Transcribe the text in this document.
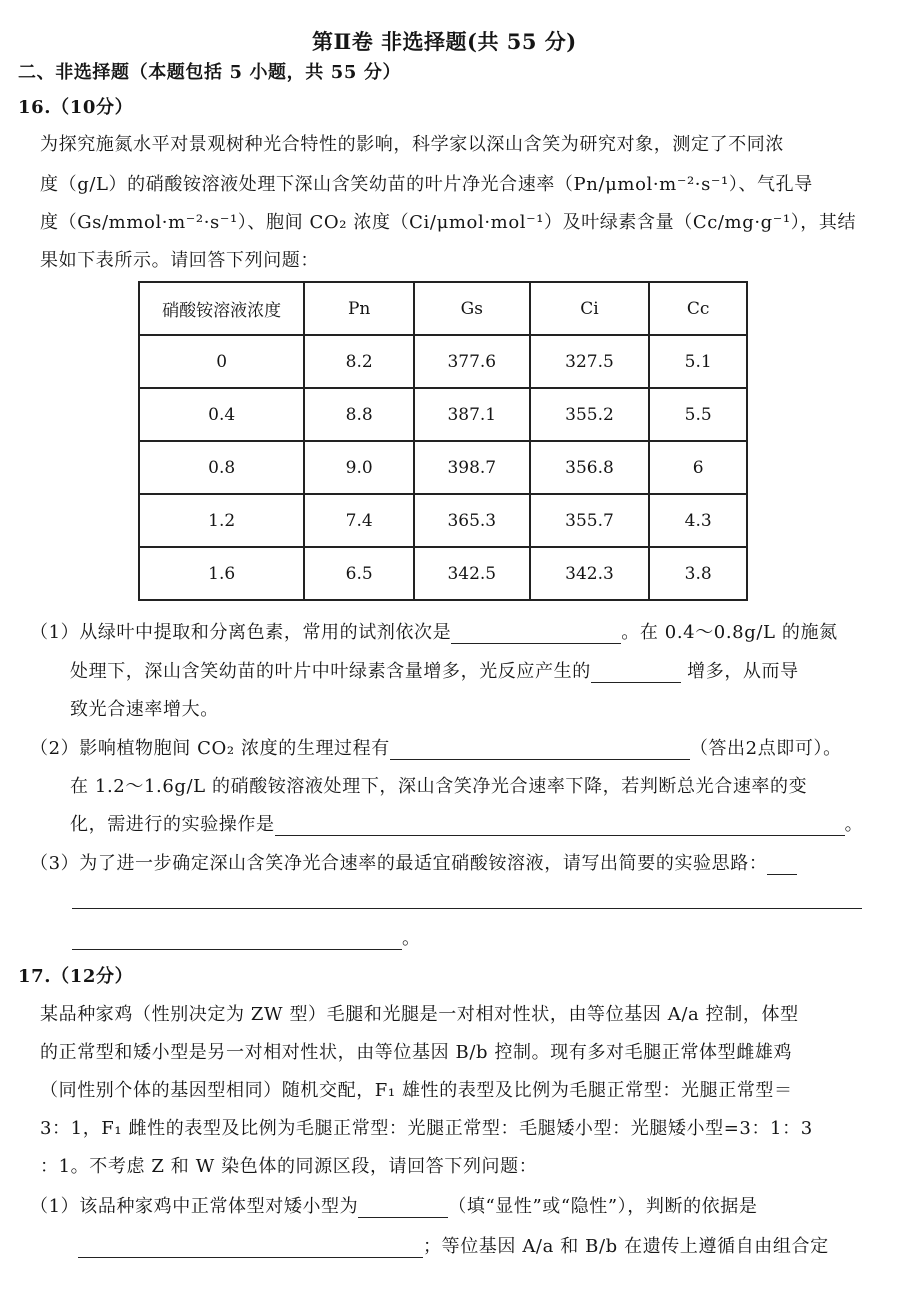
第Ⅱ卷 非选择题(共 55 分)
二、非选择题（本题包括 5 小题，共 55 分）
16.（10分）
为探究施氮水平对景观树种光合特性的影响，科学家以深山含笑为研究对象，测定了不同浓
度（g/L）的硝酸铵溶液处理下深山含笑幼苗的叶片净光合速率（Pn/μmol·m⁻²·s⁻¹）、气孔导
度（Gs/mmol·m⁻²·s⁻¹）、胞间 CO₂ 浓度（Ci/μmol·mol⁻¹）及叶绿素含量（Cc/mg·g⁻¹），其结
果如下表所示。请回答下列问题：
硝酸铵溶液浓度	Pn	Gs	Ci	Cc
0	8.2	377.6	327.5	5.1
0.4	8.8	387.1	355.2	5.5
0.8	9.0	398.7	356.8	6
1.2	7.4	365.3	355.7	4.3
1.6	6.5	342.5	342.3	3.8
（1）从绿叶中提取和分离色素，常用的试剂依次是	。在 0.4～0.8g/L 的施氮
处理下，深山含笑幼苗的叶片中叶绿素含量增多，光反应产生的	增多，从而导
致光合速率增大。
（2）影响植物胞间 CO₂ 浓度的生理过程有	（答出2点即可）。
在 1.2～1.6g/L 的硝酸铵溶液处理下，深山含笑净光合速率下降，若判断总光合速率的变
化，需进行的实验操作是	。
（3）为了进一步确定深山含笑净光合速率的最适宜硝酸铵溶液，请写出简要的实验思路：
。
17.（12分）
某品种家鸡（性别决定为 ZW 型）毛腿和光腿是一对相对性状，由等位基因 A/a 控制，体型
的正常型和矮小型是另一对相对性状，由等位基因 B/b 控制。现有多对毛腿正常体型雌雄鸡
（同性别个体的基因型相同）随机交配，F₁ 雄性的表型及比例为毛腿正常型：光腿正常型＝
3：1，F₁ 雌性的表型及比例为毛腿正常型：光腿正常型：毛腿矮小型：光腿矮小型=3：1：3
：1。不考虑 Z 和 W 染色体的同源区段，请回答下列问题：
（1）该品种家鸡中正常体型对矮小型为	（填“显性”或“隐性”），判断的依据是
；等位基因 A/a 和 B/b 在遗传上遵循自由组合定
